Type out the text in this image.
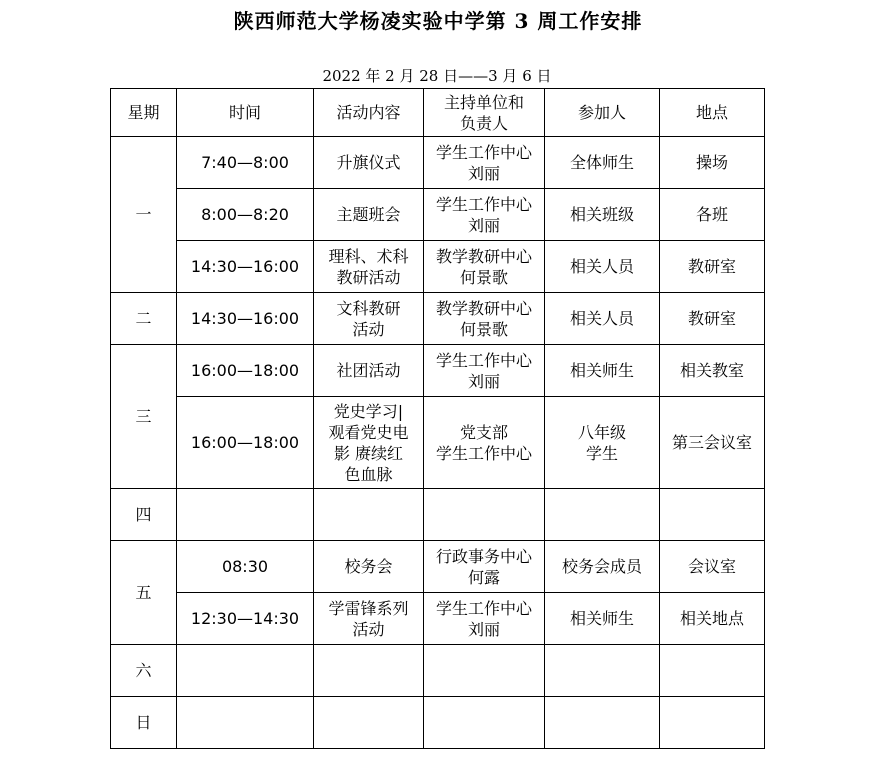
陕西师范大学杨凌实验中学第 3 周工作安排
2022 年 2 月 28 日——3 月 6 日
星期	时间	活动内容	主持单位和
负责人	参加人	地点
一	7:40—8:00	升旗仪式	学生工作中心
刘丽	全体师生	操场

	8:00—8:20	主题班会	学生工作中心
刘丽	相关班级	各班

	14:30—16:00	理科、术科
教研活动	教学教研中心
何景歌	相关人员	教研室

二	14:30—16:00	文科教研
活动	教学教研中心
何景歌	相关人员	教研室

三	16:00—18:00	社团活动	学生工作中心
刘丽	相关师生	相关教室

	16:00—18:00	党史学习|
观看党史电
影 赓续红
色血脉	党支部
学生工作中心	八年级
学生	第三会议室

四					
五	08:30	校务会	行政事务中心
何露	校务会成员	会议室

	12:30—14:30	学雷锋系列
活动	学生工作中心
刘丽	相关师生	相关地点

六					
日					
